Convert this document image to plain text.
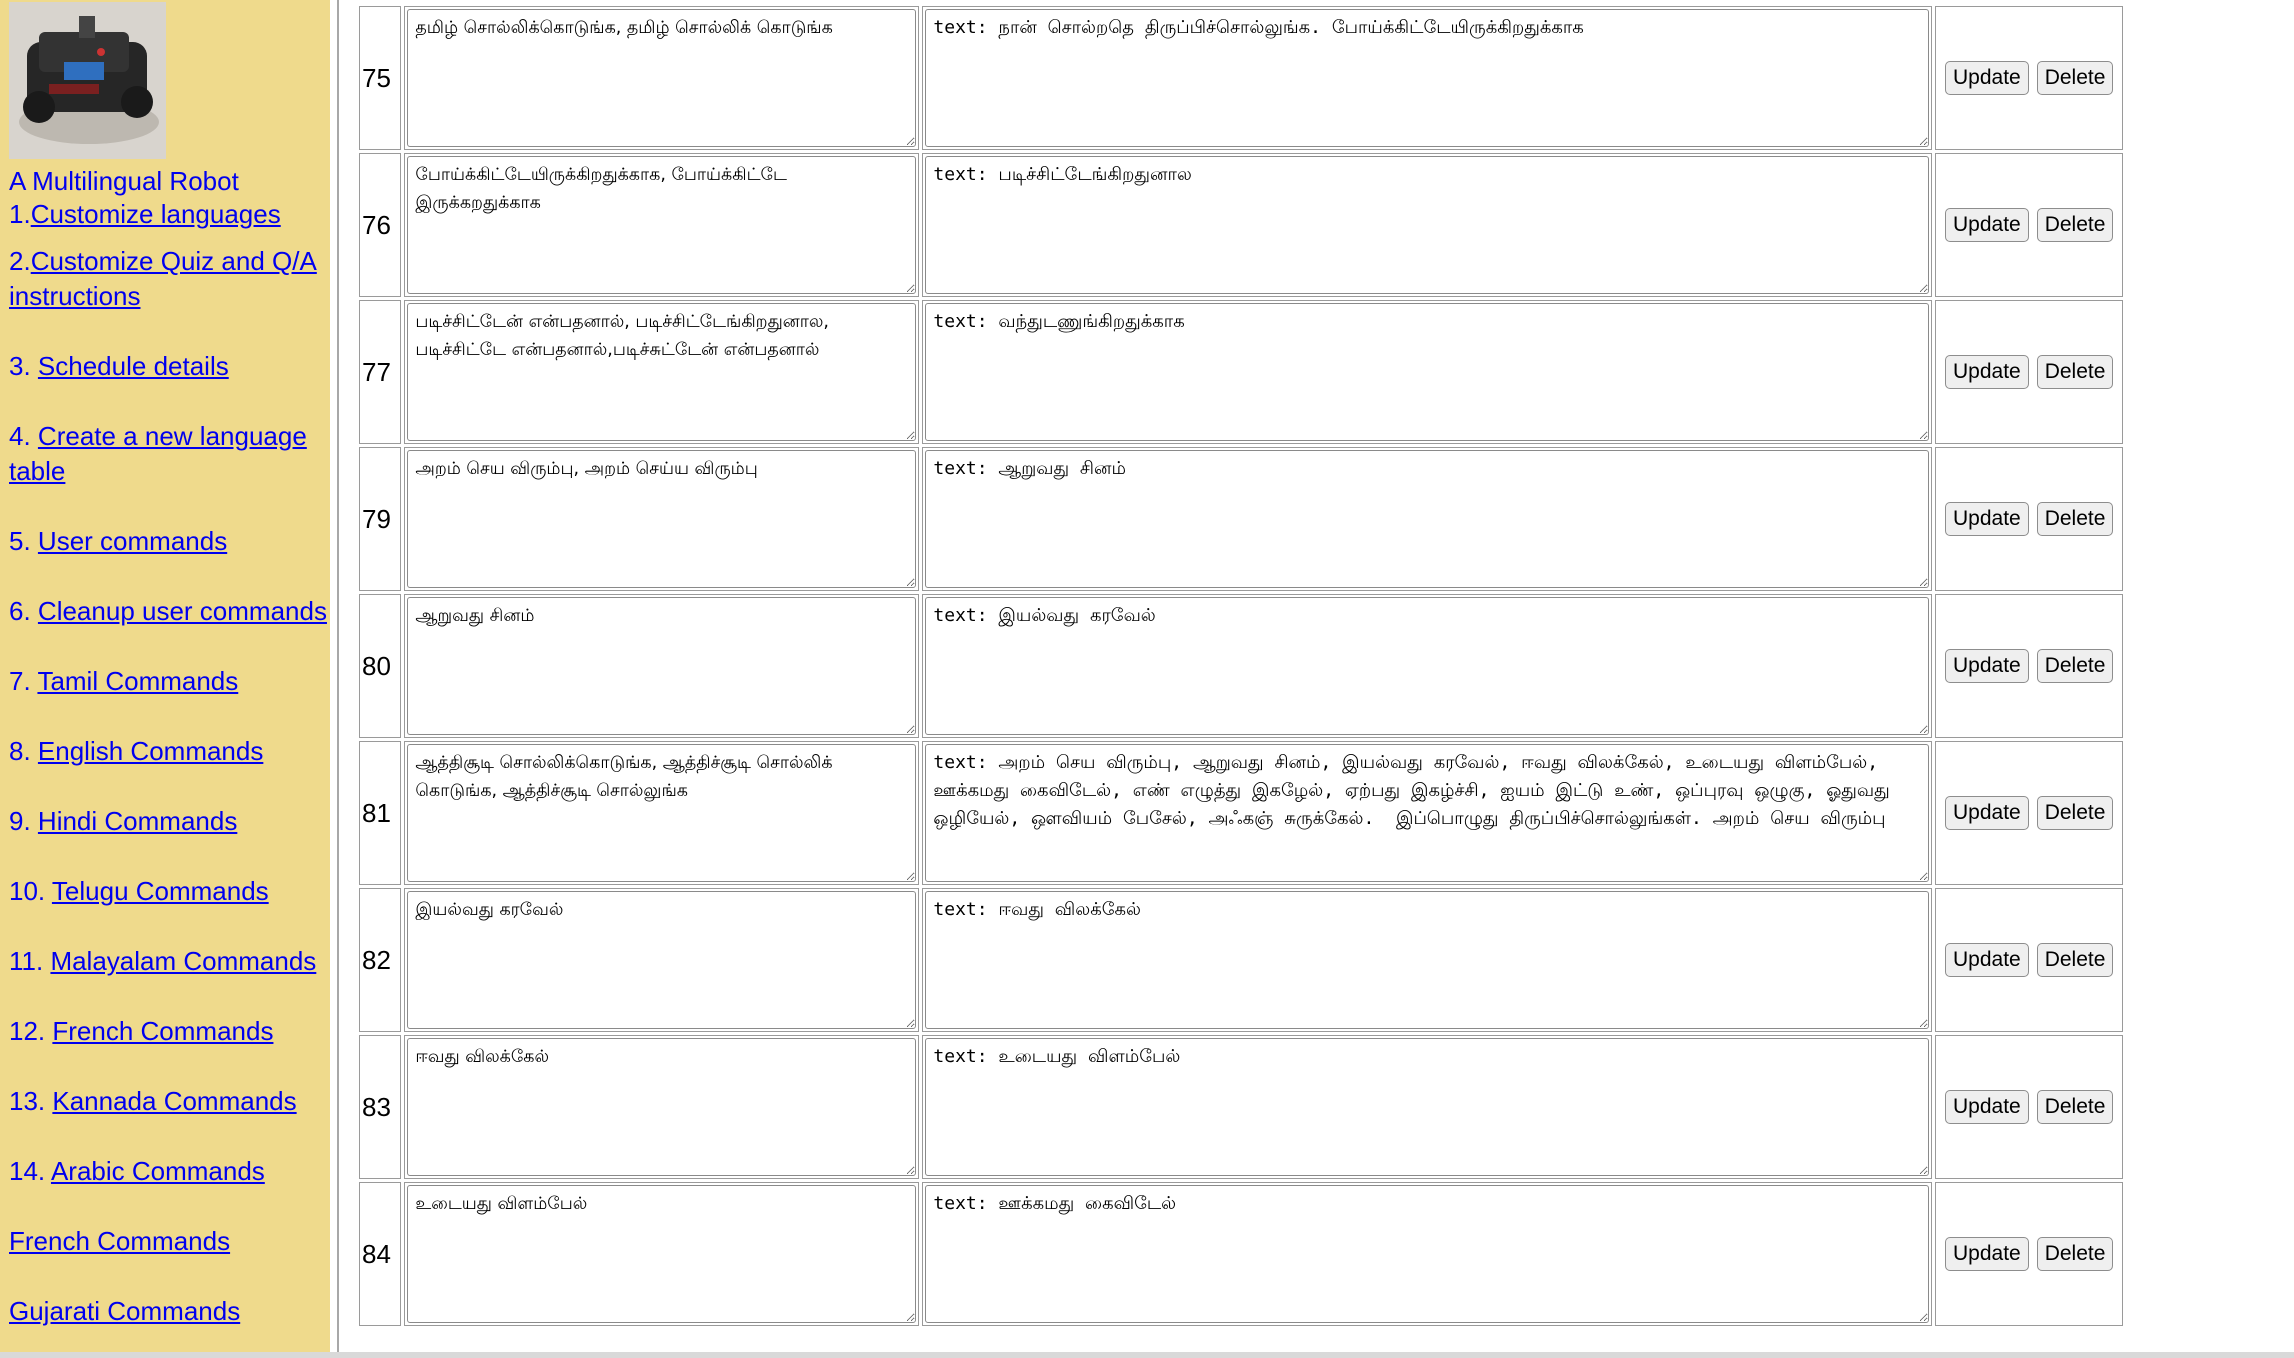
A Multilingual Robot
1.Customize languages
2.Customize Quiz and Q/A instructions
3. Schedule details
4. Create a new language table
5. User commands
6. Cleanup user commands
7. Tamil Commands
8. English Commands
9. Hindi Commands
10. Telugu Commands
11. Malayalam Commands
12. French Commands
13. Kannada Commands
14. Arabic Commands
French Commands
Gujarati Commands
75	தமிழ் சொல்லிக்கொடுங்க, தமிழ் சொல்லிக் கொடுங்க	text: நான் சொல்றதெ திருப்பிச்சொல்லுங்க. போய்க்கிட்டேயிருக்கிறதுக்காக	Update Delete
76	போய்க்கிட்டேயிருக்கிறதுக்காக, போய்க்கிட்டே இருக்கறதுக்காக	text: படிச்சிட்டேங்கிறதுனால	Update Delete
77	படிச்சிட்டேன் என்பதனால், படிச்சிட்டேங்கிறதுனால, படிச்சிட்டே என்பதனால்,படிச்சுட்டேன் என்பதனால்	text: வந்துடணுங்கிறதுக்காக	Update Delete
79	அறம் செய விரும்பு, அறம் செய்ய விரும்பு	text: ஆறுவது சினம்	Update Delete
80	ஆறுவது சினம்	text: இயல்வது கரவேல்	Update Delete
81	ஆத்திசூடி சொல்லிக்கொடுங்க, ஆத்திச்சூடி சொல்லிக் கொடுங்க, ஆத்திச்சூடி சொல்லுங்க	text: அறம் செய விரும்பு, ஆறுவது சினம், இயல்வது கரவேல், ஈவது விலக்கேல், உடையது விளம்பேல், ஊக்கமது கைவிடேல், எண் எழுத்து இகழேல், ஏற்பது இகழ்ச்சி, ஐயம் இட்டு உண், ஒப்புரவு ஒழுகு, ஓதுவது ஒழியேல், ஔவியம் பேசேல், அஃகஞ் சுருக்கேல்.  இப்பொழுது திருப்பிச்சொல்லுங்கள். அறம் செய விரும்பு	Update Delete
82	இயல்வது கரவேல்	text: ஈவது விலக்கேல்	Update Delete
83	ஈவது விலக்கேல்	text: உடையது விளம்பேல்	Update Delete
84	உடையது விளம்பேல்	text: ஊக்கமது கைவிடேல்	Update Delete
